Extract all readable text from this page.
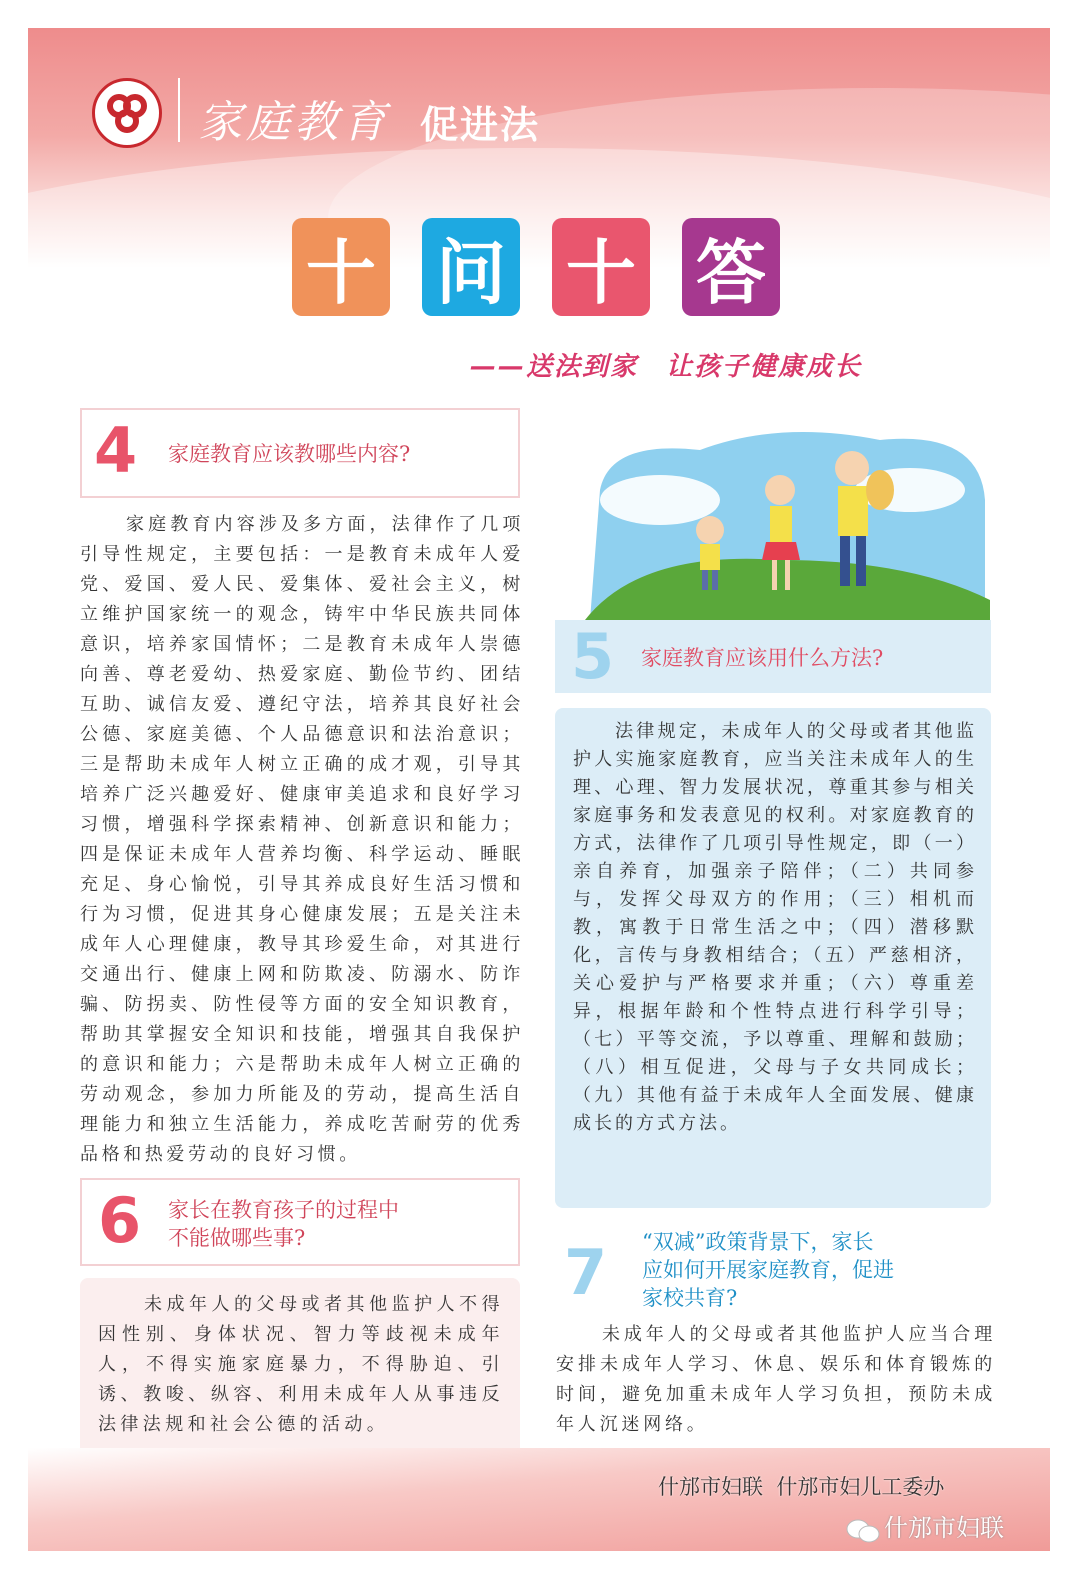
家庭教育 促进法
十 问 十 答
——送法到家　让孩子健康成长
4 家庭教育应该教哪些内容?
家庭教育内容涉及多方面，法律作了几项引导性规定，主要包括：一是教育未成年人爱党、爱国、爱人民、爱集体、爱社会主义，树立维护国家统一的观念，铸牢中华民族共同体意识，培养家国情怀；二是教育未成年人崇德向善、尊老爱幼、热爱家庭、勤俭节约、团结互助、诚信友爱、遵纪守法，培养其良好社会公德、家庭美德、个人品德意识和法治意识；三是帮助未成年人树立正确的成才观，引导其培养广泛兴趣爱好、健康审美追求和良好学习习惯，增强科学探索精神、创新意识和能力；四是保证未成年人营养均衡、科学运动、睡眠充足、身心愉悦，引导其养成良好生活习惯和行为习惯，促进其身心健康发展；五是关注未成年人心理健康，教导其珍爱生命，对其进行交通出行、健康上网和防欺凌、防溺水、防诈骗、防拐卖、防性侵等方面的安全知识教育，帮助其掌握安全知识和技能，增强其自我保护的意识和能力；六是帮助未成年人树立正确的劳动观念，参加力所能及的劳动，提高生活自理能力和独立生活能力，养成吃苦耐劳的优秀品格和热爱劳动的良好习惯。
5 家庭教育应该用什么方法?
法律规定，未成年人的父母或者其他监护人实施家庭教育，应当关注未成年人的生理、心理、智力发展状况，尊重其参与相关家庭事务和发表意见的权利。对家庭教育的方式，法律作了几项引导性规定，即（一）亲自养育，加强亲子陪伴；（二）共同参与，发挥父母双方的作用；（三）相机而教，寓教于日常生活之中；（四）潜移默化，言传与身教相结合；（五）严慈相济，关心爱护与严格要求并重；（六）尊重差异，根据年龄和个性特点进行科学引导；（七）平等交流，予以尊重、理解和鼓励；（八）相互促进，父母与子女共同成长；（九）其他有益于未成年人全面发展、健康成长的方式方法。
6 家长在教育孩子的过程中
不能做哪些事?
未成年人的父母或者其他监护人不得因性别、身体状况、智力等歧视未成年人，不得实施家庭暴力，不得胁迫、引诱、教唆、纵容、利用未成年人从事违反法律法规和社会公德的活动。
7 “双减”政策背景下，家长
应如何开展家庭教育，促进
家校共育?
未成年人的父母或者其他监护人应当合理安排未成年人学习、休息、娱乐和体育锻炼的时间，避免加重未成年人学习负担，预防未成年人沉迷网络。
什邡市妇联  什邡市妇儿工委办
什邡市妇联
